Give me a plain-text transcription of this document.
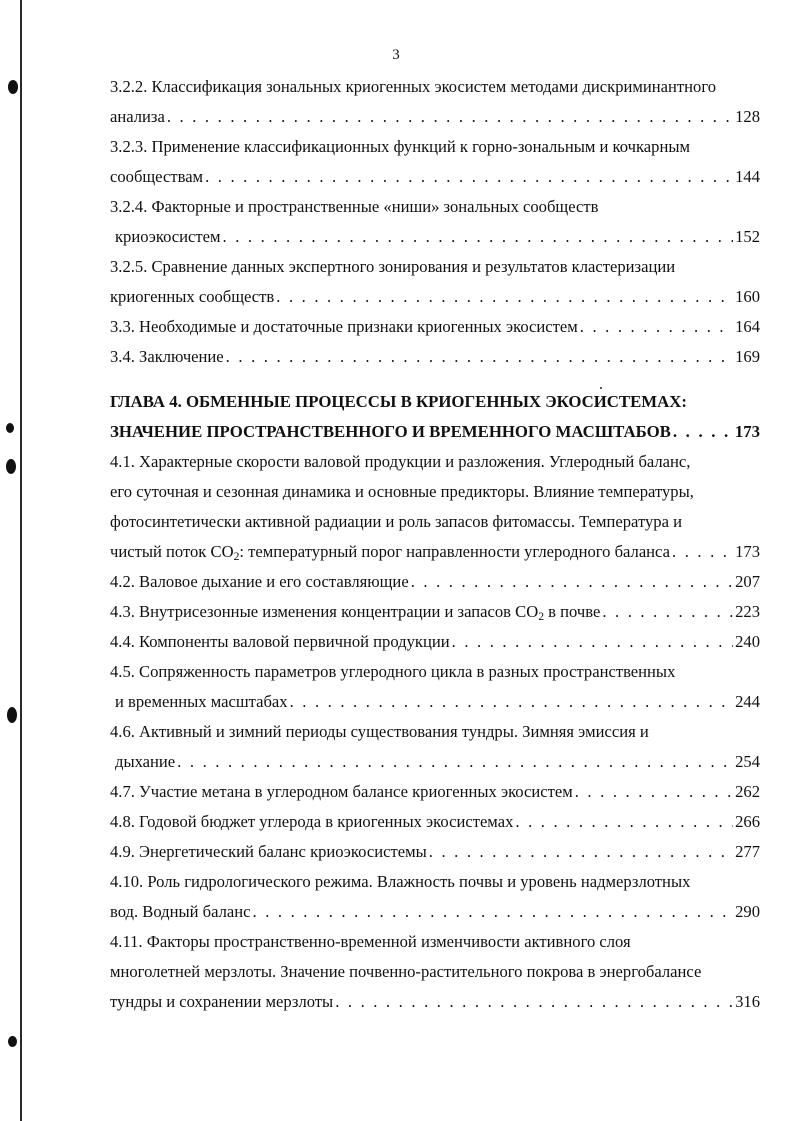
3
3.2.2. Классификация зональных криогенных экосистем методами дискриминантного
анализа . . .	128
3.2.3. Применение классификационных функций к горно-зональным и кочкарным
сообществам . . .	144
3.2.4. Факторные и пространственные «ниши» зональных сообществ
криоэкосистем . . .	152
3.2.5. Сравнение данных экспертного зонирования и результатов кластеризации
криогенных сообществ . . .	160
3.3. Необходимые и достаточные признаки криогенных экосистем . . .	164
3.4. Заключение . . .	169
ГЛАВА 4. ОБМЕННЫЕ ПРОЦЕССЫ В КРИОГЕННЫХ ЭКОСИСТЕМАХ:
ЗНАЧЕНИЕ ПРОСТРАНСТВЕННОГО И ВРЕМЕННОГО МАСШТАБОВ . . .	173
4.1. Характерные скорости валовой продукции и разложения. Углеродный баланс,
его суточная и сезонная динамика и основные предикторы. Влияние температуры,
фотосинтетически активной радиации и роль запасов фитомассы. Температура и
чистый поток CO2: температурный порог направленности углеродного баланса . . .	173
4.2. Валовое дыхание и его составляющие . . .	207
4.3. Внутрисезонные изменения концентрации и запасов CO2 в почве . . .	223
4.4. Компоненты валовой первичной продукции . . .	240
4.5. Сопряженность параметров углеродного цикла в разных пространственных
и временных масштабах . . .	244
4.6. Активный и зимний периоды существования тундры. Зимняя эмиссия и
дыхание . . .	254
4.7. Участие метана в углеродном балансе криогенных экосистем . . .	262
4.8. Годовой бюджет углерода в криогенных экосистемах . . .	266
4.9. Энергетический баланс криоэкосистемы . . .	277
4.10. Роль гидрологического режима. Влажность почвы и уровень надмерзлотных
вод. Водный баланс . . .	290
4.11. Факторы пространственно-временной изменчивости активного слоя
многолетней мерзлоты. Значение почвенно-растительного покрова в энергобалансе
тундры и сохранении мерзлоты . . .	316
